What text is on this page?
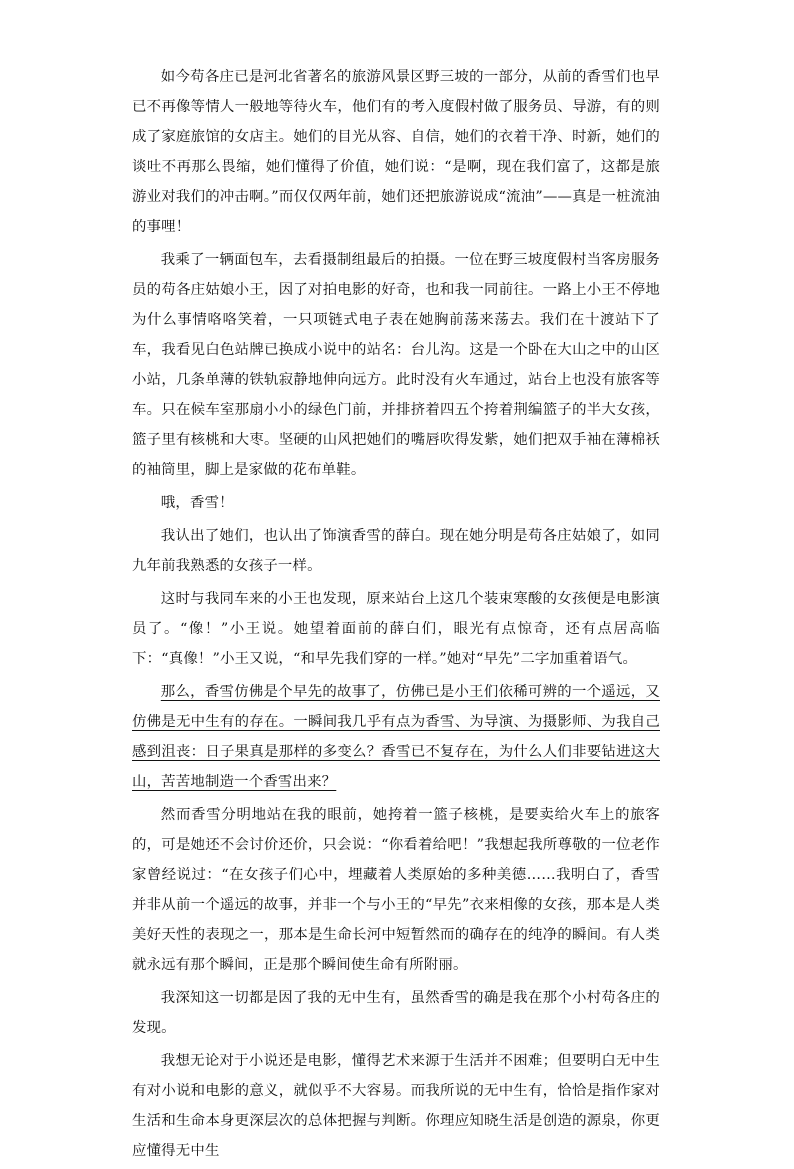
如今苟各庄已是河北省著名的旅游风景区野三坡的一部分，从前的香雪们也早已不再像等情人一般地等待火车，他们有的考入度假村做了服务员、导游，有的则成了家庭旅馆的女店主。她们的目光从容、自信，她们的衣着干净、时新，她们的谈吐不再那么畏缩，她们懂得了价值，她们说：“是啊，现在我们富了，这都是旅游业对我们的冲击啊。”而仅仅两年前，她们还把旅游说成“流油”——真是一桩流油的事哩！

我乘了一辆面包车，去看摄制组最后的拍摄。一位在野三坡度假村当客房服务员的苟各庄姑娘小王，因了对拍电影的好奇，也和我一同前往。一路上小王不停地为什么事情咯咯笑着，一只项链式电子表在她胸前荡来荡去。我们在十渡站下了车，我看见白色站牌已换成小说中的站名：台儿沟。这是一个卧在大山之中的山区小站，几条单薄的铁轨寂静地伸向远方。此时没有火车通过，站台上也没有旅客等车。只在候车室那扇小小的绿色门前，并排挤着四五个挎着荆编篮子的半大女孩，篮子里有核桃和大枣。坚硬的山风把她们的嘴唇吹得发紫，她们把双手袖在薄棉袄的袖筒里，脚上是家做的花布单鞋。

哦，香雪！

我认出了她们，也认出了饰演香雪的薛白。现在她分明是苟各庄姑娘了，如同九年前我熟悉的女孩子一样。

这时与我同车来的小王也发现，原来站台上这几个装束寒酸的女孩便是电影演员了。“像！”小王说。她望着面前的薛白们，眼光有点惊奇，还有点居高临下：“真像！”小王又说，“和早先我们穿的一样。”她对“早先”二字加重着语气。

那么，香雪仿佛是个早先的故事了，仿佛已是小王们依稀可辨的一个遥远，又仿佛是无中生有的存在。一瞬间我几乎有点为香雪、为导演、为摄影师、为我自己感到沮丧：日子果真是那样的多变么？香雪已不复存在，为什么人们非要钻进这大山，苦苦地制造一个香雪出来？

然而香雪分明地站在我的眼前，她挎着一篮子核桃，是要卖给火车上的旅客的，可是她还不会讨价还价，只会说：“你看着给吧！”我想起我所尊敬的一位老作家曾经说过：“在女孩子们心中，埋藏着人类原始的多种美德……我明白了，香雪并非从前一个遥远的故事，并非一个与小王的“早先”衣来相像的女孩，那本是人类美好天性的表现之一，那本是生命长河中短暂然而的确存在的纯净的瞬间。有人类就永远有那个瞬间，正是那个瞬间使生命有所附丽。

我深知这一切都是因了我的无中生有，虽然香雪的确是我在那个小村苟各庄的发现。

我想无论对于小说还是电影，懂得艺术来源于生活并不困难；但要明白无中生有对小说和电影的意义，就似乎不大容易。而我所说的无中生有，恰恰是指作家对生活和生命本身更深层次的总体把握与判断。你理应知晓生活是创造的源泉，你更应懂得无中生
